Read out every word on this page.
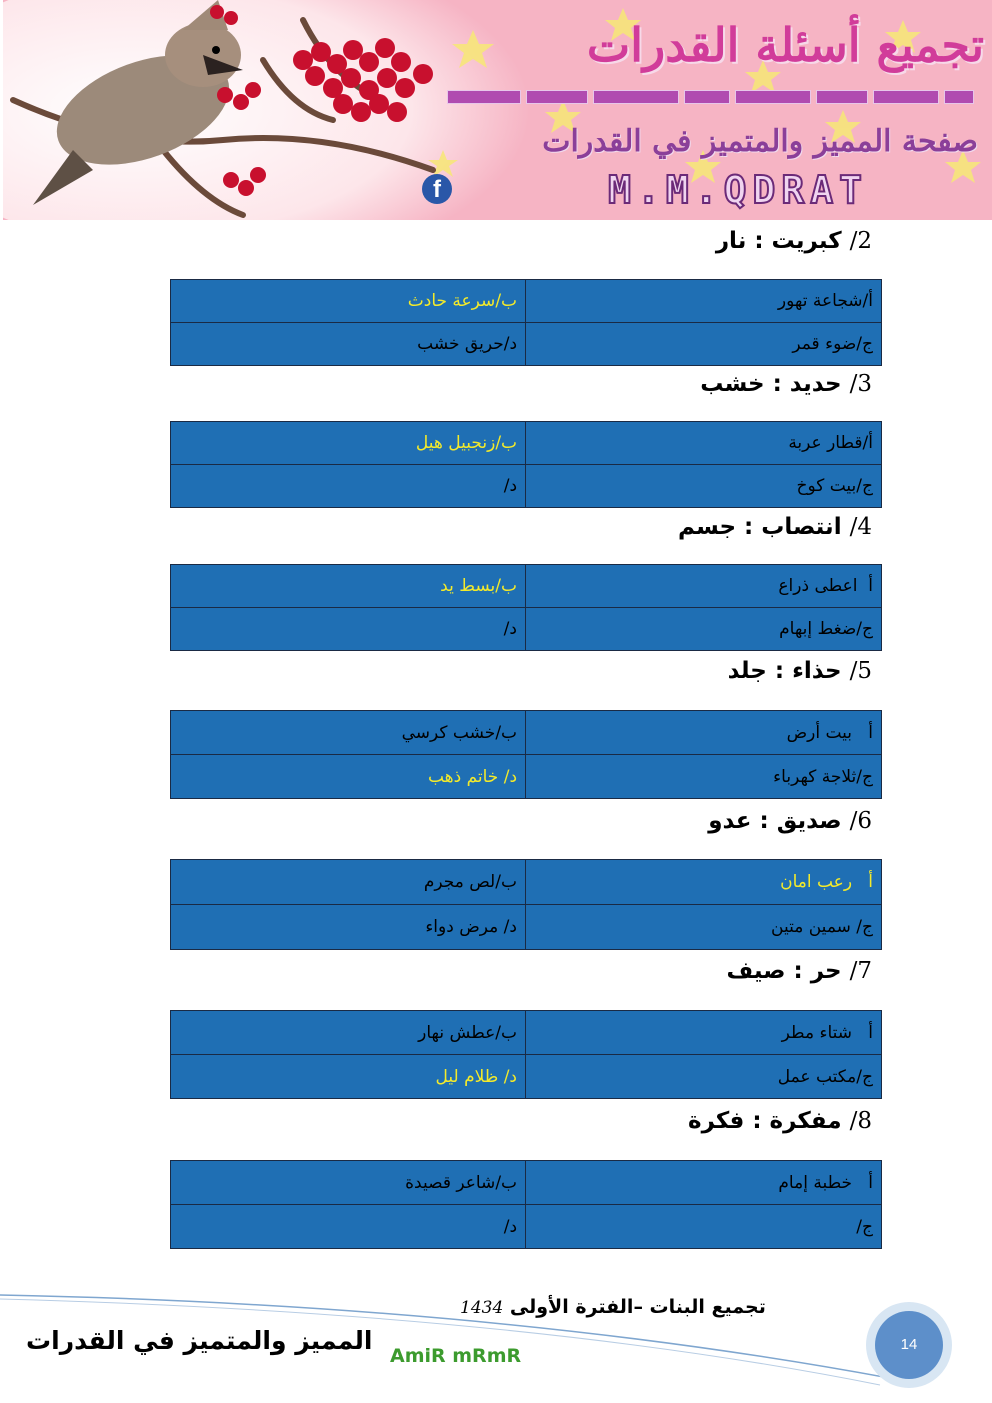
تجميع أسئلة القدرات
صفحة المميز والمتميز في القدرات
f	M.M.QDRAT
2/ كبريت : نار
أ/شجاعة تهور	ب/سرعة حادث
ج/ضوء قمر	د/حريق خشب
3/ حديد : خشب
أ/قطار عربة	ب/زنجبيل هيل
ج/بيت كوخ	د/
4/ انتصاب : جسم
أ  اعطى ذراع	ب/بسط يد
ج/ضغط إبهام	د/
5/ حذاء : جلد
أ   بيت أرض	ب/خشب كرسي
ج/ثلاجة كهرباء	د/ خاتم ذهب
6/ صديق : عدو
أ   رعب امان	ب/لص مجرم
ج/ سمين متين	د/ مرض دواء
7/ حر : صيف
أ   شتاء مطر	ب/عطش نهار
ج/مكتب عمل	د/ ظلام ليل
8/ مفكرة : فكرة
أ   خطبة إمام	ب/شاعر قصيدة
ج/	د/
تجميع البنات –الفترة الأولى 1434
المميز والمتميز في القدرات
AmiR mRmR
14
